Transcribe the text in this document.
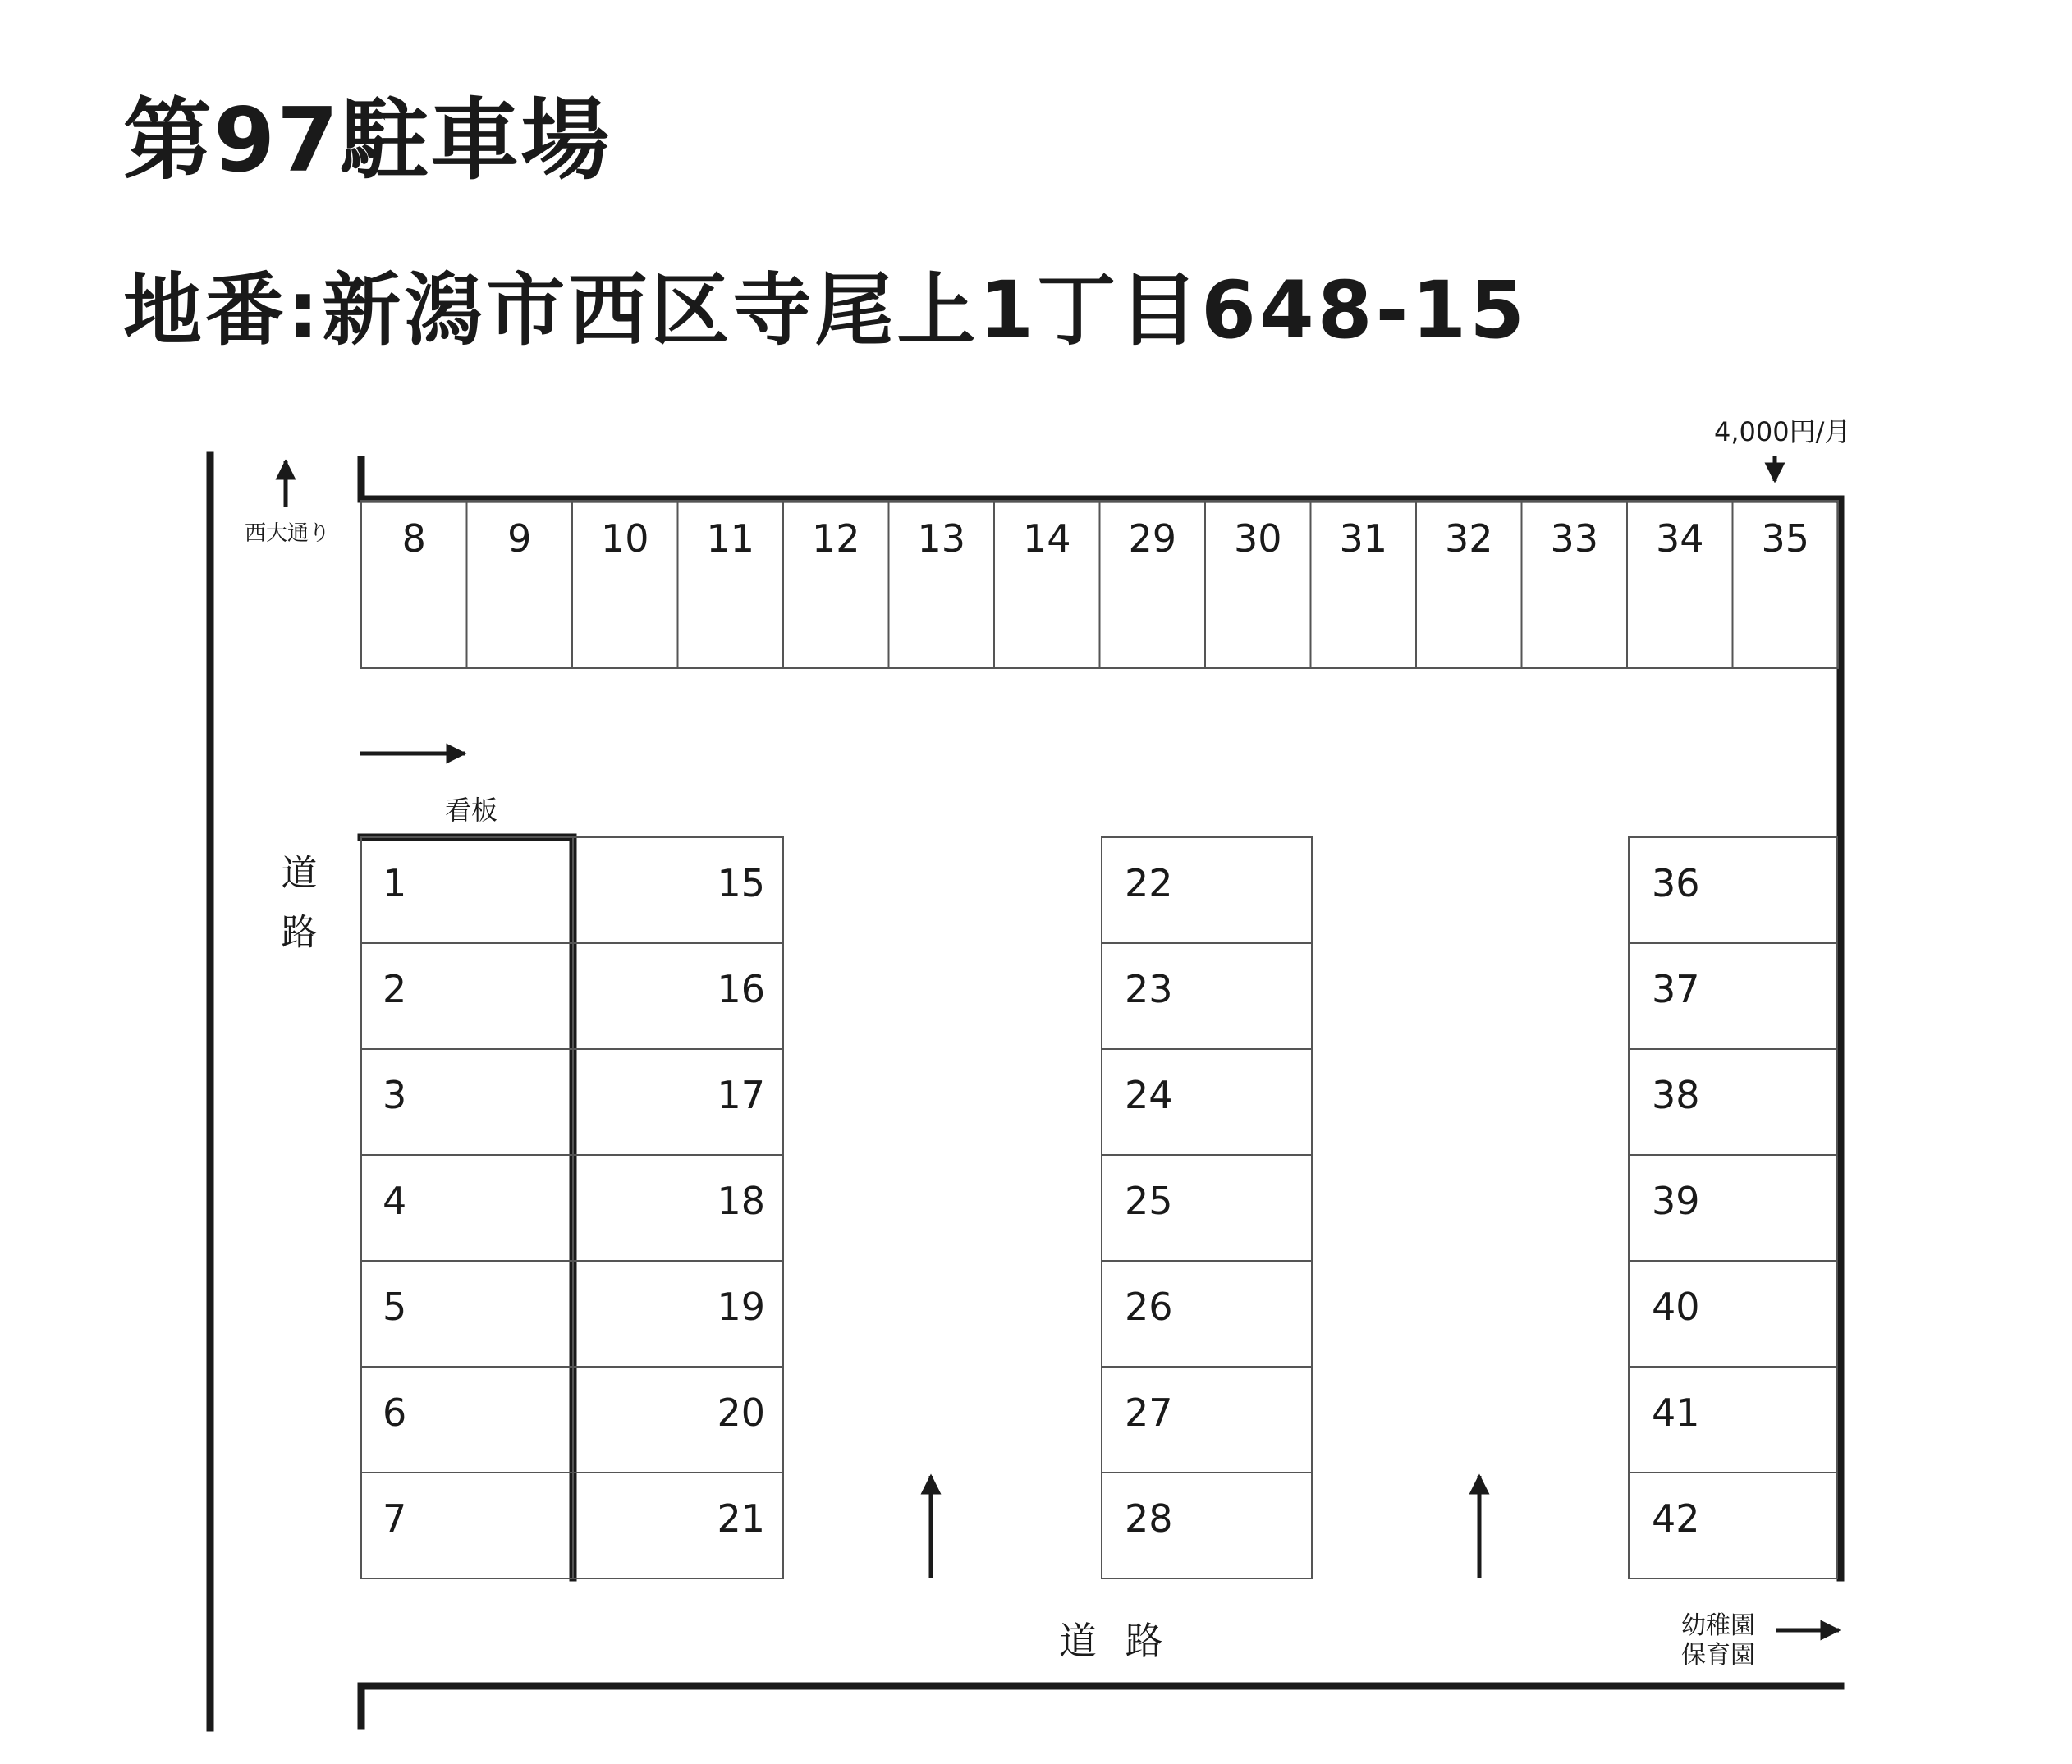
第97駐車場
地番:新潟市西区寺尾上1丁目648-15
8 9 10 11 12 13 14 29 30 31 32 33 34 35
1
2
3
4
5
6
7
15
16
17
18
19
20
21
22
23
24
25
26
27
28
36
37
38
39
40
41
42
4,000円/月
西大通り
看板
道路
道 路	幼稚園
保育園
